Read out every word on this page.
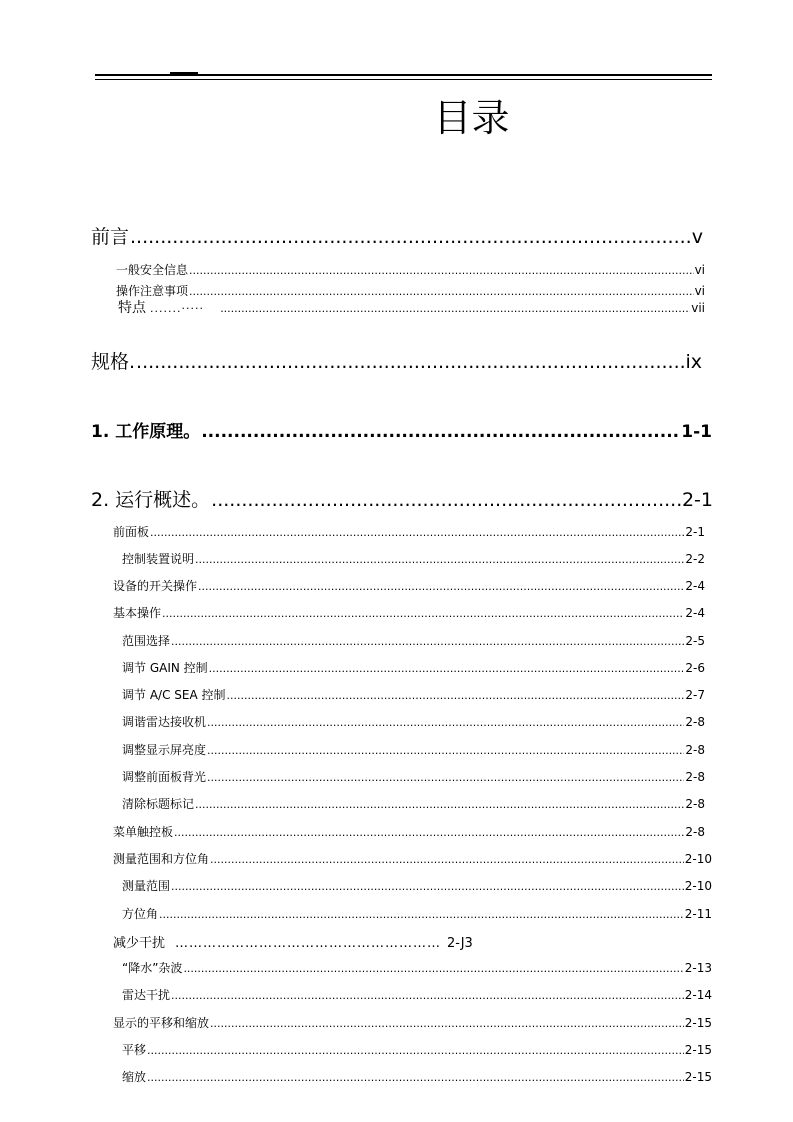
目录
前言 .....	v
一般安全信息 .....	vi
操作注意事项 .....	vi
特点 .......····· .....	vii
规格. .....	ix
1. 工作原理。 .....	1-1
2. 运行概述。 .....	2-1
前面板 .....	2-1
控制装置说明 .....	2-2
设备的开关操作 .....	2-4
基本操作 .....	2-4
范围选择 .....	2-5
调节 GAIN 控制 .....	2-6
调节 A/C SEA 控制 .....	2-7
调谐雷达接收机 .....	2-8
调整显示屏亮度 .....	2-8
调整前面板背光 .....	2-8
清除标题标记 .....	2-8
菜单触控板 .....	2-8
测量范围和方位角 .....	2-10
测量范围 .....	2-10
方位角 .....	2-11
减少干扰 ………………………………………………… 2-J3
“降水”杂波 .....	2-13
雷达干扰 .....	2-14
显示的平移和缩放 .....	2-15
平移 .....	2-15
缩放 .....	2-15
